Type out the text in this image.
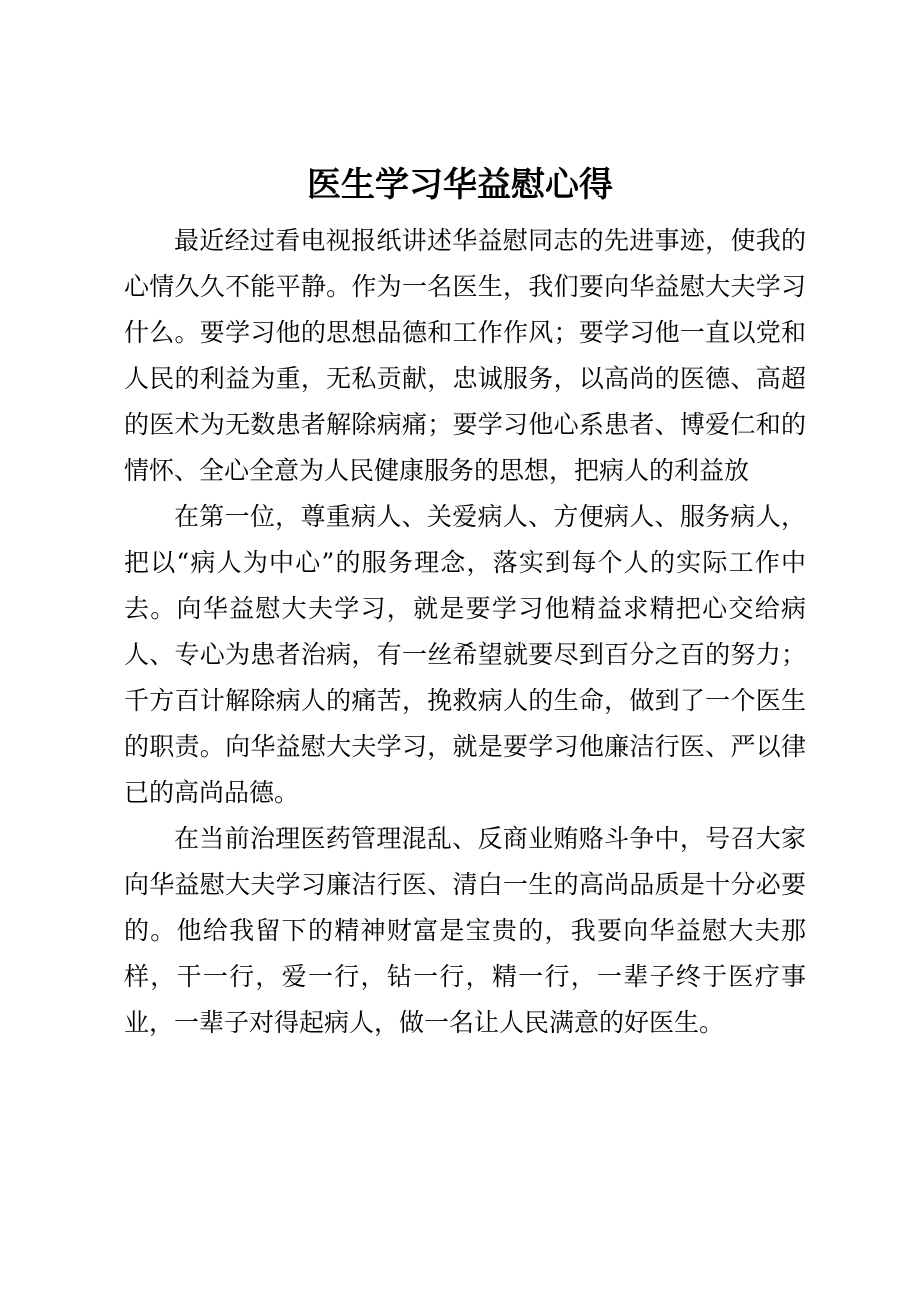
医生学习华益慰心得

最近经过看电视报纸讲述华益慰同志的先进事迹，使我的心情久久不能平静。作为一名医生，我们要向华益慰大夫学习什么。要学习他的思想品德和工作作风；要学习他一直以党和人民的利益为重，无私贡献，忠诚服务，以高尚的医德、高超的医术为无数患者解除病痛；要学习他心系患者、博爱仁和的情怀、全心全意为人民健康服务的思想，把病人的利益放

在第一位，尊重病人、关爱病人、方便病人、服务病人，把以“病人为中心”的服务理念，落实到每个人的实际工作中去。向华益慰大夫学习，就是要学习他精益求精把心交给病人、专心为患者治病，有一丝希望就要尽到百分之百的努力；千方百计解除病人的痛苦，挽救病人的生命，做到了一个医生的职责。向华益慰大夫学习，就是要学习他廉洁行医、严以律已的高尚品德。

在当前治理医药管理混乱、反商业贿赂斗争中，号召大家向华益慰大夫学习廉洁行医、清白一生的高尚品质是十分必要的。他给我留下的精神财富是宝贵的，我要向华益慰大夫那样，干一行，爱一行，钻一行，精一行，一辈子终于医疗事业，一辈子对得起病人，做一名让人民满意的好医生。
